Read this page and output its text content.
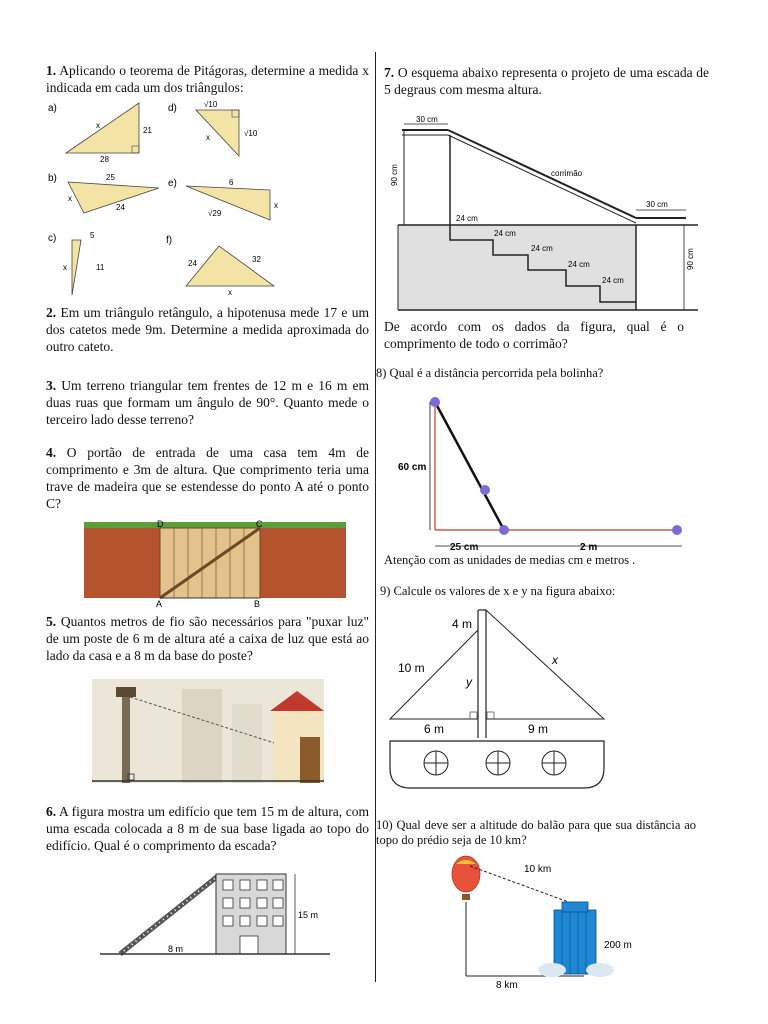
1. Aplicando o teorema de Pitágoras, determine a medida x indicada em cada um dos triângulos:
a)
x
21
28
d)	√10
x	√10
b)	25
x
24
e)	6
x
√29
c)	5
x	11
f)
24	32
x
2. Em um triângulo retângulo, a hipotenusa mede 17 e um dos catetos mede 9m. Determine a medida aproximada do outro cateto.
3. Um terreno triangular tem frentes de 12 m e 16 m em duas ruas que formam um ângulo de 90°. Quanto mede o terceiro lado desse terreno?
4. O portão de entrada de uma casa tem 4m de comprimento e 3m de altura. Que comprimento teria uma trave de madeira que se estendesse do ponto A até o ponto C?
D	C
A	B
5. Quantos metros de fio são necessários para "puxar luz" de um poste de 6 m de altura até a caixa de luz que está ao lado da casa e a 8 m da base do poste?
6. A figura mostra um edifício que tem 15 m de altura, com uma escada colocada a 8 m de sua base ligada ao topo do edifício. Qual é o comprimento da escada?
15 m
8 m
7. O esquema abaixo representa o projeto de uma escada de 5 degraus com mesma altura.
30 cm
90 cm	corrimão
30 cm
90 cm
24 cm
24 cm
24 cm
24 cm
24 cm
De acordo com os dados da figura, qual é o comprimento de todo o corrimão?
8) Qual é a distância percorrida pela bolinha?
60 cm
25 cm	2 m
Atenção com as unidades de medias cm e metros .
9) Calcule os valores de x e y na figura abaixo:
4 m
10 m
x
y
6 m	9 m
10) Qual deve ser a altitude do balão para que sua distância ao topo do prédio seja de 10 km?
10 km
200 m
8 km
